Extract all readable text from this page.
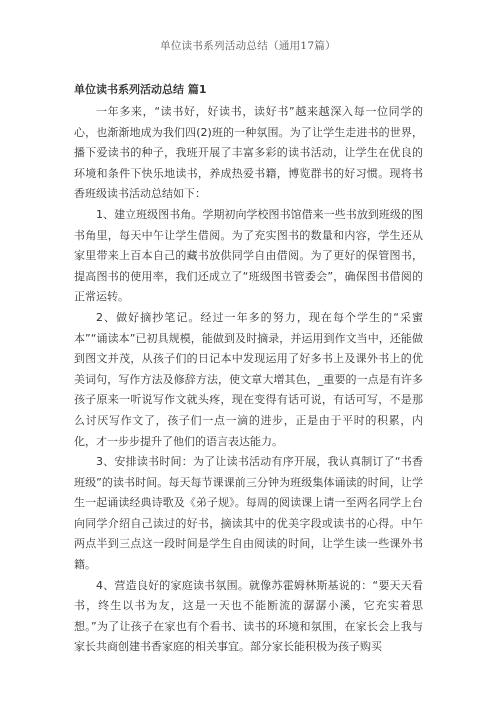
单位读书系列活动总结（通用17篇）
单位读书系列活动总结 篇1

一年多来，“读书好，好读书，读好书”越来越深入每一位同学的心，也渐渐地成为我们四(2)班的一种氛围。为了让学生走进书的世界，播下爱读书的种子，我班开展了丰富多彩的读书活动，让学生在优良的环境和条件下快乐地读书，养成热爱书籍，博览群书的好习惯。现将书香班级读书活动总结如下：

1、建立班级图书角。学期初向学校图书馆借来一些书放到班级的图书角里，每天中午让学生借阅。为了充实图书的数量和内容，学生还从家里带来上百本自己的藏书放供同学自由借阅。为了更好的保管图书，提高图书的使用率，我们还成立了“班级图书管委会”，确保图书借阅的正常运转。

2、做好摘抄笔记。经过一年多的努力，现在每个学生的“采蜜本”“诵读本”已初具规模，能做到及时摘录，并运用到作文当中，还能做到图文并茂，从孩子们的日记本中发现运用了好多书上及课外书上的优美词句，写作方法及修辞方法，使文章大增其色，_重要的一点是有许多孩子原来一听说写作文就头疼，现在变得有话可说，有话可写，不是那么讨厌写作文了，孩子们一点一滴的进步，正是由于平时的积累，内化，才一步步提升了他们的语言表达能力。

3、安排读书时间：为了让读书活动有序开展，我认真制订了“书香班级”的读书时间。每天每节课课前三分钟为班级集体诵读的时间，让学生一起诵读经典诗歌及《弟子规》。每周的阅读课上请一至两名同学上台向同学介绍自己读过的好书，摘读其中的优美字段或读书的心得。中午两点半到三点这一段时间是学生自由阅读的时间，让学生读一些课外书籍。

4、营造良好的家庭读书氛围。就像苏霍姆林斯基说的：“要天天看书，终生以书为友，这是一天也不能断流的潺潺小溪，它充实着思想。”为了让孩子在家也有个看书、读书的环境和氛围，在家长会上我与家长共商创建书香家庭的相关事宜。部分家长能积极为孩子购买
